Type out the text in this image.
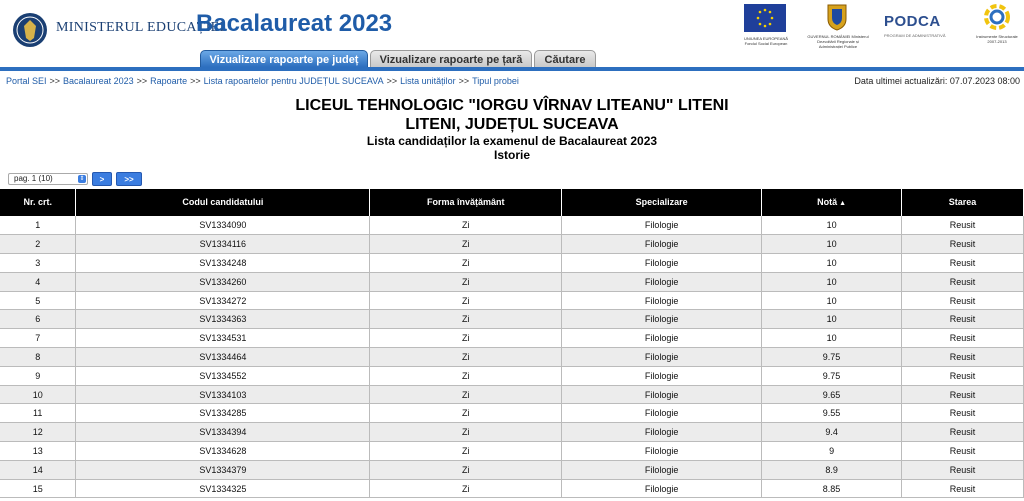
MINISTERUL EDUCAȚIEI
Bacalaureat 2023
UNIUNEA EUROPEANĂ Fondul Social European
GUVERNUL ROMÂNIEI Ministerul Dezvoltării Regionale și Administrației Publice
PODCA
PROGRAM DE ADMINISTRATIVĂ	Instrumente Structurale 2007-2013
Vizualizare rapoarte pe județ	Vizualizare rapoarte pe țară	Căutare
Portal SEI >> Bacalaureat 2023 >> Rapoarte >> Lista rapoartelor pentru JUDEȚUL SUCEAVA >> Lista unităților >> Tipul probei	Data ultimei actualizări: 07.07.2023 08:00
LICEUL TEHNOLOGIC "IORGU VÎRNAV LITEANU" LITENI
LITENI, JUDEȚUL SUCEAVA
Lista candidaților la examenul de Bacalaureat 2023
Istorie
pag. 1 (10)	⇕	>	>>
Nr. crt.	Codul candidatului	Forma învățământ	Specializare	Notă ▲	Starea
1	SV1334090	Zi	Filologie	10	Reusit
2	SV1334116	Zi	Filologie	10	Reusit
3	SV1334248	Zi	Filologie	10	Reusit
4	SV1334260	Zi	Filologie	10	Reusit
5	SV1334272	Zi	Filologie	10	Reusit
6	SV1334363	Zi	Filologie	10	Reusit
7	SV1334531	Zi	Filologie	10	Reusit
8	SV1334464	Zi	Filologie	9.75	Reusit
9	SV1334552	Zi	Filologie	9.75	Reusit
10	SV1334103	Zi	Filologie	9.65	Reusit
11	SV1334285	Zi	Filologie	9.55	Reusit
12	SV1334394	Zi	Filologie	9.4	Reusit
13	SV1334628	Zi	Filologie	9	Reusit
14	SV1334379	Zi	Filologie	8.9	Reusit
15	SV1334325	Zi	Filologie	8.85	Reusit
